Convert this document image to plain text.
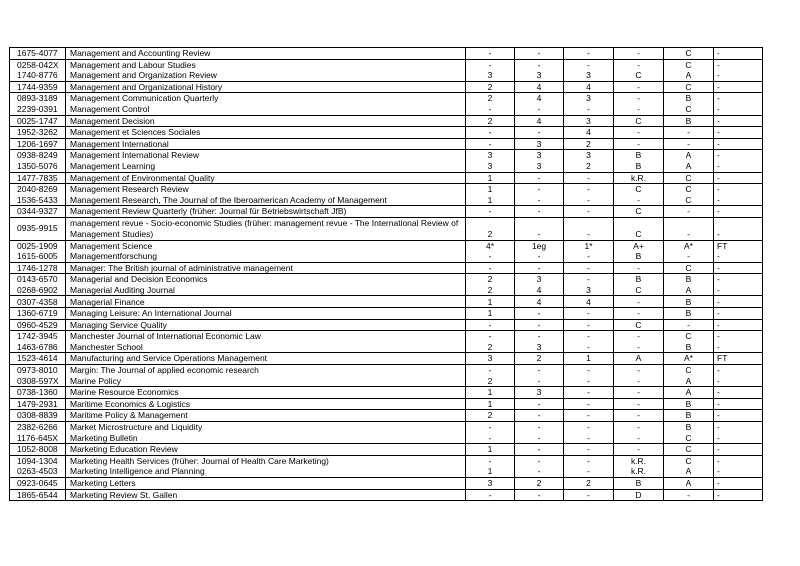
1675-4077	Management and Accounting Review	-	-	-	-	C	-
0258-042X	Management and Labour Studies	-	-	-	-	C	-
1740-8776	Management and Organization Review	3	3	3	C	A	-
1744-9359	Management and Organizational History	2	4	4	-	C	-
0893-3189	Management Communication Quarterly	2	4	3	-	B	-
2239-0391	Management Control	-	-	-	-	C	-
0025-1747	Management Decision	2	4	3	C	B	-
1952-3262	Management et Sciences Sociales	-	-	4	-	-	-
1206-1697	Management International	-	3	2	-	-	-
0938-8249	Management International Review	3	3	3	B	A	-
1350-5076	Management Learning	3	3	2	B	A	-
1477-7835	Management of Environmental Quality	1	-	-	k.R.	C	-
2040-8269	Management Research Review	1	-	-	C	C	-
1536-5433	Management Research, The Journal of the Iberoamerican Academy of Management	1	-	-	-	C	-
0344-9327	Management Review Quarterly (früher: Journal für Betriebswirtschaft JfB)	-	-	-	C	-	-
0935-9915	management revue - Socio-economic Studies (früher: management revue - The International Review of Management Studies)	2	-	-	C	-	-
0025-1909	Management Science	4*	1eg	1*	A+	A*	FT
1615-6005	Managementforschung	-	-	-	B	-	-
1746-1278	Manager: The British journal of administrative management	-	-	-	-	C	-
0143-6570	Managerial and Decision Economics	2	3	-	B	B	-
0268-6902	Managerial Auditing Journal	2	4	3	C	A	-
0307-4358	Managerial Finance	1	4	4	-	B	-
1360-6719	Managing Leisure: An International Journal	1	-	-	-	B	-
0960-4529	Managing Service Quality	-	-	-	C	-	-
1742-3945	Manchester Journal of International Economic Law	-	-	-	-	C	-
1463-6786	Manchester School	2	3	-	-	B	-
1523-4614	Manufacturing and Service Operations Management	3	2	1	A	A*	FT
0973-8010	Margin: The Journal of applied economic research	-	-	-	-	C	-
0308-597X	Marine Policy	2	-	-	-	A	-
0738-1360	Marine Resource Economics	1	3	-	-	A	-
1479-2931	Maritime Economics & Logistics	1	-	-	-	B	-
0308-8839	Maritime Policy & Management	2	-	-	-	B	-
2382-6266	Market Microstructure and Liquidity	-	-	-	-	B	-
1176-645X	Marketing Bulletin	-	-	-	-	C	-
1052-8008	Marketing Education Review	1	-	-	-	C	-
1094-1304	Marketing Health Services (früher: Journal of Health Care Marketing)	-	-	-	k.R.	C	-
0263-4503	Marketing Intelligence and Planning	1	-	-	k.R.	A	-
0923-0645	Marketing Letters	3	2	2	B	A	-
1865-6544	Marketing Review St. Gallen	-	-	-	D	-	-
